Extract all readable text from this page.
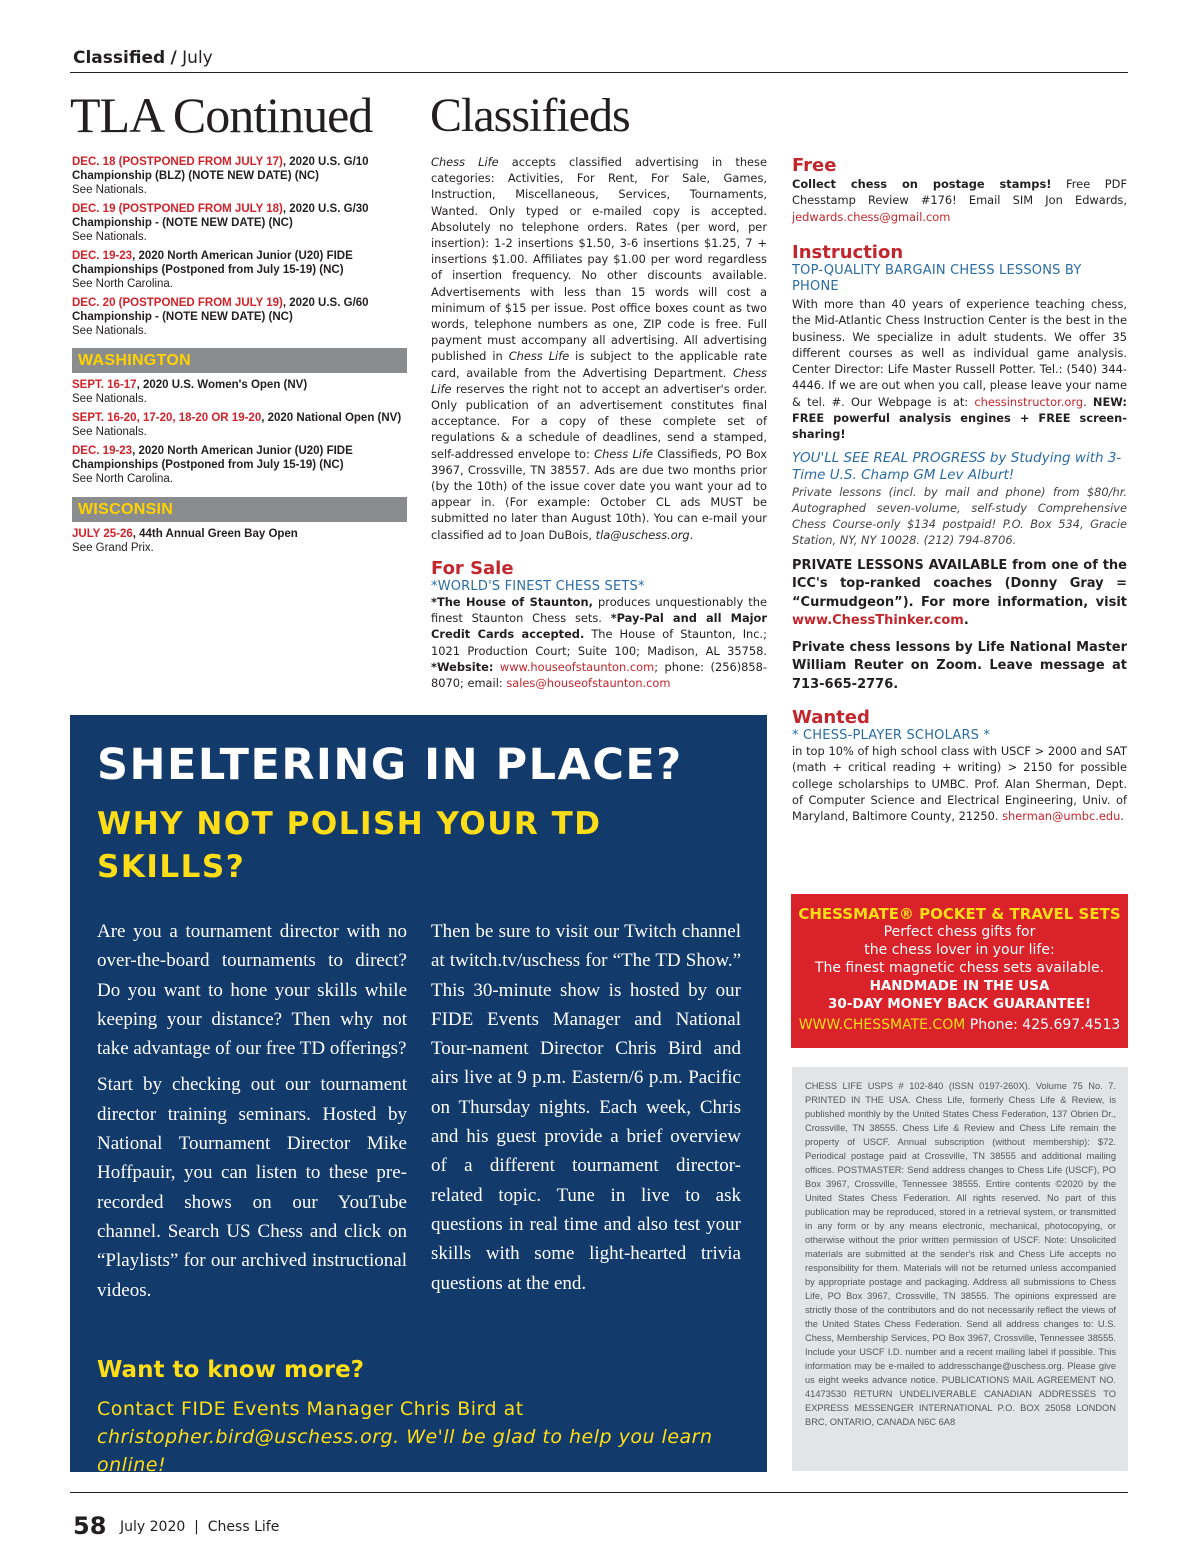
Classified / July
TLA Continued
DEC. 18 (POSTPONED FROM JULY 17), 2020 U.S. G/10 Championship (BLZ) (NOTE NEW DATE) (NC)
See Nationals.
DEC. 19 (POSTPONED FROM JULY 18), 2020 U.S. G/30 Championship - (NOTE NEW DATE) (NC)
See Nationals.
DEC. 19-23, 2020 North American Junior (U20) FIDE Championships (Postponed from July 15-19) (NC)
See North Carolina.
DEC. 20 (POSTPONED FROM JULY 19), 2020 U.S. G/60 Championship - (NOTE NEW DATE) (NC)
See Nationals.
WASHINGTON
SEPT. 16-17, 2020 U.S. Women's Open (NV)
See Nationals.
SEPT. 16-20, 17-20, 18-20 OR 19-20, 2020 National Open (NV)
See Nationals.
DEC. 19-23, 2020 North American Junior (U20) FIDE Championships (Postponed from July 15-19) (NC)
See North Carolina.
WISCONSIN
JULY 25-26, 44th Annual Green Bay Open
See Grand Prix.
Classifieds
Chess Life accepts classified advertising in these categories: Activities, For Rent, For Sale, Games, Instruction, Miscellaneous, Services, Tournaments, Wanted. Only typed or e-mailed copy is accepted. Absolutely no telephone orders. Rates (per word, per insertion): 1-2 insertions $1.50, 3-6 insertions $1.25, 7 + insertions $1.00. Affiliates pay $1.00 per word regardless of insertion frequency. No other discounts available. Advertisements with less than 15 words will cost a minimum of $15 per issue. Post office boxes count as two words, telephone numbers as one, ZIP code is free. Full payment must accompany all advertising. All advertising published in Chess Life is subject to the applicable rate card, available from the Advertising Department. Chess Life reserves the right not to accept an advertiser's order. Only publication of an advertisement constitutes final acceptance. For a copy of these complete set of regulations & a schedule of deadlines, send a stamped, self-addressed envelope to: Chess Life Classifieds, PO Box 3967, Crossville, TN 38557. Ads are due two months prior (by the 10th) of the issue cover date you want your ad to appear in. (For example: October CL ads MUST be submitted no later than August 10th). You can e-mail your classified ad to Joan DuBois, tla@uschess.org.
For Sale
*WORLD'S FINEST CHESS SETS*
*The House of Staunton, produces unquestionably the finest Staunton Chess sets. *Pay-Pal and all Major Credit Cards accepted. The House of Staunton, Inc.; 1021 Production Court; Suite 100; Madison, AL 35758. *Website: www.houseofstaunton.com; phone: (256)858-8070; email: sales@houseofstaunton.com
Free
Collect chess on postage stamps! Free PDF Chesstamp Review #176! Email SIM Jon Edwards, jedwards.chess@gmail.com
Instruction
TOP-QUALITY BARGAIN CHESS LESSONS BY PHONE
With more than 40 years of experience teaching chess, the Mid-Atlantic Chess Instruction Center is the best in the business. We specialize in adult students. We offer 35 different courses as well as individual game analysis. Center Director: Life Master Russell Potter. Tel.: (540) 344-4446. If we are out when you call, please leave your name & tel. #. Our Webpage is at: chessinstructor.org. NEW: FREE powerful analysis engines + FREE screen-sharing!
YOU'LL SEE REAL PROGRESS by Studying with 3-Time U.S. Champ GM Lev Alburt!
Private lessons (incl. by mail and phone) from $80/hr. Autographed seven-volume, self-study Comprehensive Chess Course-only $134 postpaid! P.O. Box 534, Gracie Station, NY, NY 10028. (212) 794-8706.
PRIVATE LESSONS AVAILABLE from one of the ICC's top-ranked coaches (Donny Gray = “Curmudgeon”). For more information, visit www.ChessThinker.com.
Private chess lessons by Life National Master William Reuter on Zoom. Leave message at 713-665-2776.
Wanted
* CHESS-PLAYER SCHOLARS *
in top 10% of high school class with USCF > 2000 and SAT (math + critical reading + writing) > 2150 for possible college scholarships to UMBC. Prof. Alan Sherman, Dept. of Computer Science and Electrical Engineering, Univ. of Maryland, Baltimore County, 21250. sherman@umbc.edu.
SHELTERING IN PLACE?
WHY NOT POLISH YOUR TD SKILLS?

Are you a tournament director with no over-the-board tournaments to direct? Do you want to hone your skills while keeping your distance? Then why not take advantage of our free TD offerings?

Start by checking out our tournament director training seminars. Hosted by National Tournament Director Mike Hoffpauir, you can listen to these pre-recorded shows on our YouTube channel. Search US Chess and click on “Playlists” for our archived instructional videos.

Then be sure to visit our Twitch channel at twitch.tv/uschess for “The TD Show.” This 30-minute show is hosted by our FIDE Events Manager and National Tour-nament Director Chris Bird and airs live at 9 p.m. Eastern/6 p.m. Pacific on Thursday nights. Each week, Chris and his guest provide a brief overview of a different tournament director-related topic. Tune in live to ask questions in real time and also test your skills with some light-hearted trivia questions at the end.

Want to know more?
Contact FIDE Events Manager Chris Bird at christopher.bird@uschess.org. We'll be glad to help you learn online!
CHESSMATE® POCKET & TRAVEL SETS
Perfect chess gifts for
the chess lover in your life:
The finest magnetic chess sets available.
HANDMADE IN THE USA
30-DAY MONEY BACK GUARANTEE!
WWW.CHESSMATE.COM Phone: 425.697.4513
CHESS LIFE USPS # 102-840 (ISSN 0197-260X). Volume 75 No. 7. PRINTED IN THE USA. Chess Life, formerly Chess Life & Review, is published monthly by the United States Chess Federation, 137 Obrien Dr., Crossville, TN 38555. Chess Life & Review and Chess Life remain the property of USCF. Annual subscription (without membership): $72. Periodical postage paid at Crossville, TN 38555 and additional mailing offices. POSTMASTER: Send address changes to Chess Life (USCF), PO Box 3967, Crossville, Tennessee 38555. Entire contents ©2020 by the United States Chess Federation. All rights reserved. No part of this publication may be reproduced, stored in a retrieval system, or transmitted in any form or by any means electronic, mechanical, photocopying, or otherwise without the prior written permission of USCF. Note: Unsolicited materials are submitted at the sender's risk and Chess Life accepts no responsibility for them. Materials will not be returned unless accompanied by appropriate postage and packaging. Address all submissions to Chess Life, PO Box 3967, Crossville, TN 38555. The opinions expressed are strictly those of the contributors and do not necessarily reflect the views of the United States Chess Federation. Send all address changes to: U.S. Chess, Membership Services, PO Box 3967, Crossville, Tennessee 38555. Include your USCF I.D. number and a recent mailing label if possible. This information may be e-mailed to addresschange@uschess.org. Please give us eight weeks advance notice. PUBLICATIONS MAIL AGREEMENT NO. 41473530 RETURN UNDELIVERABLE CANADIAN ADDRESSES TO EXPRESS MESSENGER INTERNATIONAL P.O. BOX 25058 LONDON BRC, ONTARIO, CANADA N6C 6A8
58 July 2020  |  Chess Life
